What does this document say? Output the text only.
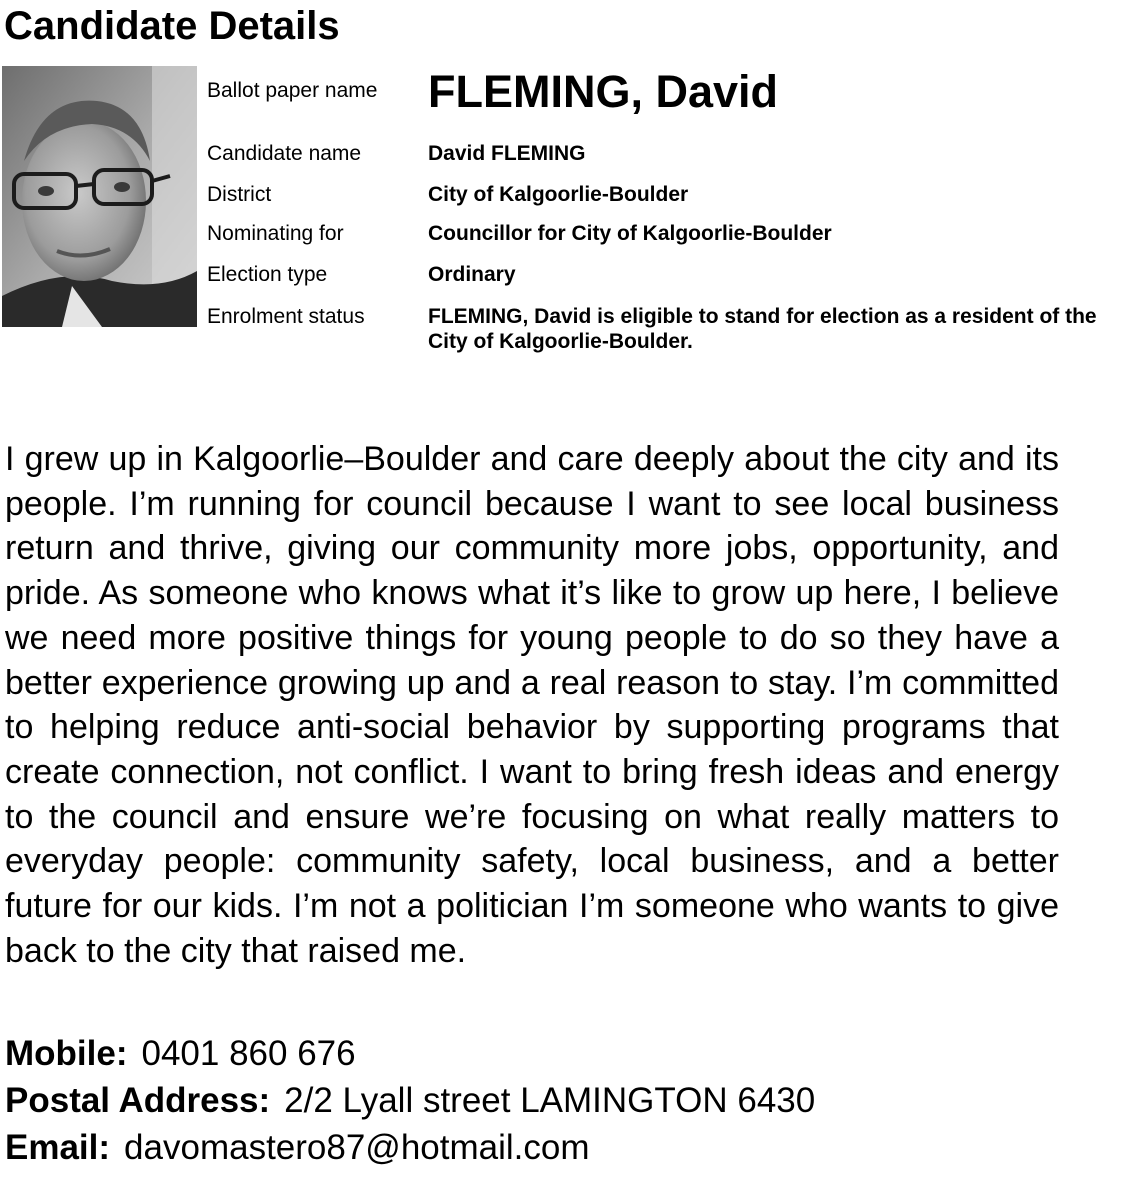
Candidate Details
Ballot paper name FLEMING, David
Candidate name	David FLEMING
District	City of Kalgoorlie-Boulder
Nominating for	Councillor for City of Kalgoorlie-Boulder
Election type	Ordinary
Enrolment status	FLEMING, David is eligible to stand for election as a resident of the City of Kalgoorlie-Boulder.

I grew up in Kalgoorlie–Boulder and care deeply about the city and its people. I’m running for council because I want to see local business return and thrive, giving our community more jobs, opportunity, and pride. As someone who knows what it’s like to grow up here, I believe we need more positive things for young people to do so they have a better experience growing up and a real reason to stay. I’m committed to helping reduce anti-social behavior by supporting programs that create connection, not conflict. I want to bring fresh ideas and energy to the council and ensure we’re focusing on what really matters to everyday people: community safety, local business, and a better future for our kids. I’m not a politician I’m someone who wants to give back to the city that raised me.

Mobile: 0401 860 676
Postal Address: 2/2 Lyall street LAMINGTON 6430
Email: davomastero87@hotmail.com
